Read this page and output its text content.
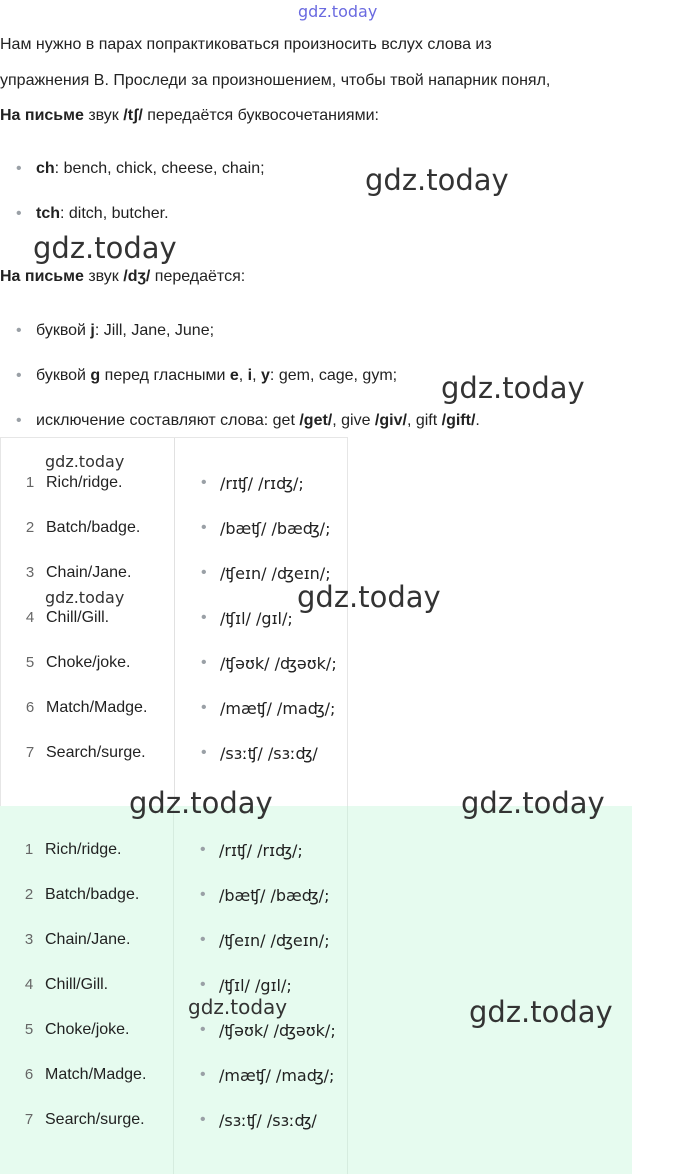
gdz.today
Нам нужно в парах попрактиковаться произносить вслух слова из
упражнения B. Проследи за произношением, чтобы твой напарник понял,
На письме звук /tʃ/ передаётся буквосочетаниями:
• ch: bench, chick, cheese, chain;
• tch: ditch, butcher.
На письме звук /dʒ/ передаётся:
• буквой j: Jill, Jane, June;
• буквой g перед гласными e, i, y: gem, cage, gym;
• исключение составляют слова: get /get/, give /giv/, gift /gift/.
1 Rich/ridge.	• /rɪʧ/ /rɪʤ/;
2 Batch/badge.	• /bæʧ/ /bæʤ/;
3 Chain/Jane.	• /ʧeɪn/ /ʤeɪn/;
4 Chill/Gill.	• /ʧɪl/ /gɪl/;
5 Choke/joke.	• /ʧəʊk/ /ʤəʊk/;
6 Match/Madge.	• /mæʧ/ /maʤ/;
7 Search/surge.	• /sɜːʧ/ /sɜːʤ/
1 Rich/ridge.	• /rɪʧ/ /rɪʤ/;
2 Batch/badge.	• /bæʧ/ /bæʤ/;
3 Chain/Jane.	• /ʧeɪn/ /ʤeɪn/;
4 Chill/Gill.	• /ʧɪl/ /gɪl/;
5 Choke/joke.	• /ʧəʊk/ /ʤəʊk/;
6 Match/Madge.	• /mæʧ/ /maʤ/;
7 Search/surge.	• /sɜːʧ/ /sɜːʤ/
gdz.today
gdz.today
gdz.today
gdz.today
gdz.today	gdz.today
gdz.today	gdz.today
gdz.today	gdz.today
